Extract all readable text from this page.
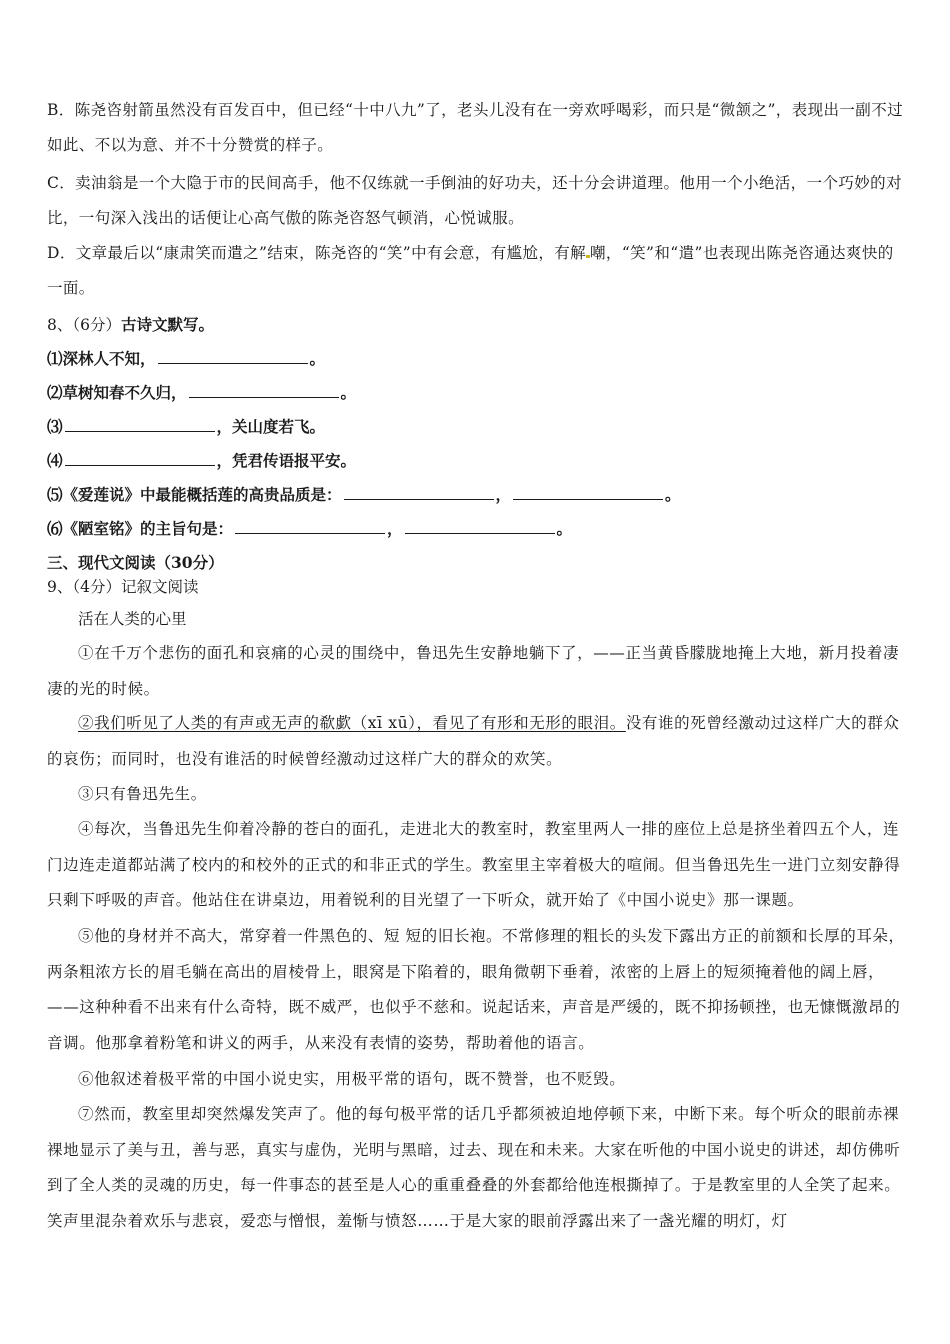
B．陈尧咨射箭虽然没有百发百中，但已经“十中八九”了，老头儿没有在一旁欢呼喝彩，而只是“微颔之”，表现出一副不过如此、不以为意、并不十分赞赏的样子。
C．卖油翁是一个大隐于市的民间高手，他不仅练就一手倒油的好功夫，还十分会讲道理。他用一个小绝活，一个巧妙的对比，一句深入浅出的话便让心高气傲的陈尧咨怒气顿消，心悦诚服。
D．文章最后以“康肃笑而遣之”结束，陈尧咨的“笑”中有会意，有尴尬，有解 嘲，“笑”和“遣”也表现出陈尧咨通达爽快的一面。
8、（6分）古诗文默写。
⑴深林人不知，	。
⑵草树知春不久归，	。
⑶	，关山度若飞。
⑷	，凭君传语报平安。
⑸《爱莲说》中最能概括莲的高贵品质是：	，	。
⑹《陋室铭》的主旨句是：	，	。
三、现代文阅读（30分）
9、（4分）记叙文阅读
活在人类的心里
①在千万个悲伤的面孔和哀痛的心灵的围绕中，鲁迅先生安静地躺下了，——正当黄昏朦胧地掩上大地，新月投着凄凄的光的时候。
②我们听见了人类的有声或无声的欷歔（xī xū），看见了有形和无形的眼泪。没有谁的死曾经激动过这样广大的群众的哀伤；而同时，也没有谁活的时候曾经激动过这样广大的群众的欢笑。
③只有鲁迅先生。
④每次，当鲁迅先生仰着冷静的苍白的面孔，走进北大的教室时，教室里两人一排的座位上总是挤坐着四五个人，连门边连走道都站满了校内的和校外的正式的和非正式的学生。教室里主宰着极大的喧闹。但当鲁迅先生一进门立刻安静得只剩下呼吸的声音。他站住在讲桌边，用着锐利的目光望了一下听众，就开始了《中国小说史》那一课题。
⑤他的身材并不高大，常穿着一件黑色的、短 短的旧长袍。不常修理的粗长的头发下露出方正的前额和长厚的耳朵，两条粗浓方长的眉毛躺在高出的眉棱骨上，眼窝是下陷着的，眼角微朝下垂着，浓密的上唇上的短须掩着他的阔上唇，——这种种看不出来有什么奇特，既不威严，也似乎不慈和。说起话来，声音是严缓的，既不抑扬顿挫，也无慷慨激昂的音调。他那拿着粉笔和讲义的两手，从来没有表情的姿势，帮助着他的语言。
⑥他叙述着极平常的中国小说史实，用极平常的语句，既不赞誉，也不贬毁。
⑦然而，教室里却突然爆发笑声了。他的每句极平常的话几乎都须被迫地停顿下来，中断下来。每个听众的眼前赤裸裸地显示了美与丑，善与恶，真实与虚伪，光明与黑暗，过去、现在和未来。大家在听他的中国小说史的讲述，却仿佛听到了全人类的灵魂的历史，每一件事态的甚至是人心的重重叠叠的外套都给他连根撕掉了。于是教室里的人全笑了起来。笑声里混杂着欢乐与悲哀，爱恋与憎恨，羞惭与愤怒……于是大家的眼前浮露出来了一盏光耀的明灯，灯
